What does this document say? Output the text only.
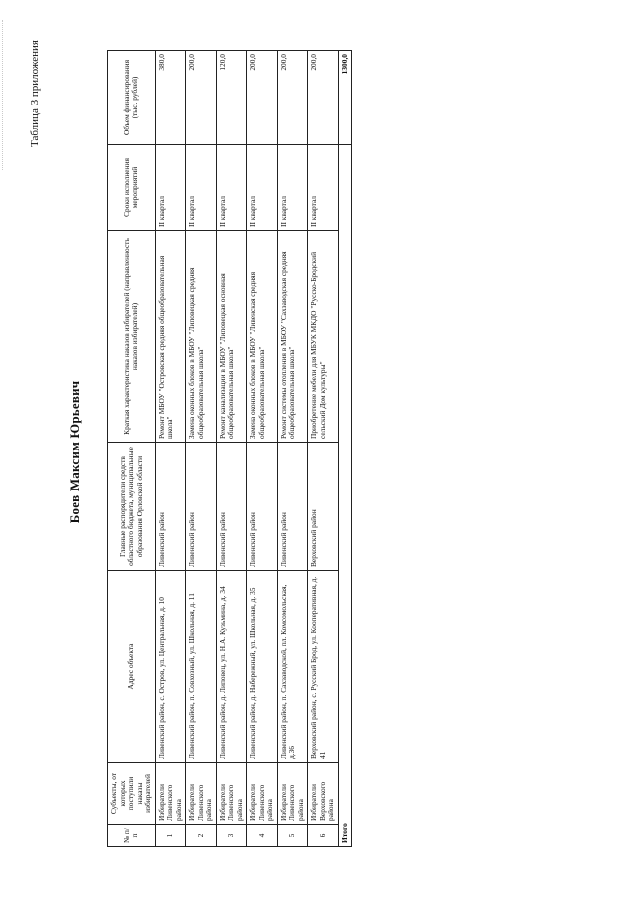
Таблица 3 приложения
Боев Максим Юрьевич
№ п/п	Субъекты, от которых поступили наказы избирателей	Адрес объекта	Главные распорядители средств областного бюджета, муниципальные образования Орловской области	Краткая характеристика наказов избирателей (направленность наказов избирателей)	Сроки исполнения мероприятий	Объем финансирования (тыс. рублей)
1	Избиратели Ливенского района	Ливенский район, с. Остров, ул. Центральная, д. 10	Ливенский район	Ремонт МБОУ "Островская средняя общеобразовательная школа"	II квартал	380,0
2	Избиратели Ливенского района	Ливенский район, п. Совхозный, ул. Школьная, д. 11	Ливенский район	Замена оконных блоков в МБОУ "Липовецкая средняя общеобразовательная школа"	II квартал	200,0
3	Избиратели Ливенского района	Ливенский район, д. Липовец, ул. Н.А. Кузьмина, д. 34	Ливенский район	Ремонт канализации в МБОУ "Липовецкая основная общеобразовательная школа"	II квартал	120,0
4	Избиратели Ливенского района	Ливенский район, д. Набережный, ул. Школьная, д. 35	Ливенский район	Замена оконных блоков в МБОУ "Ливенская средняя общеобразовательная школа"	II квартал	200,0
5	Избиратели Ливенского района	Ливенский район, п. Сахзаводской, пл. Комсомольская, д.36	Ливенский район	Ремонт системы отопления в МБОУ "Сахзаводская средняя общеобразовательная школа"	II квартал	200,0
6	Избиратели Верховского района	Верховский район, с. Русский Брод, ул. Кооперативная, д. 41	Верховский район	Приобретение мебели для МБУК МКДО "Русско-Бродский сельский Дом культуры"	II квартал	200,0
Итого						1300,0
